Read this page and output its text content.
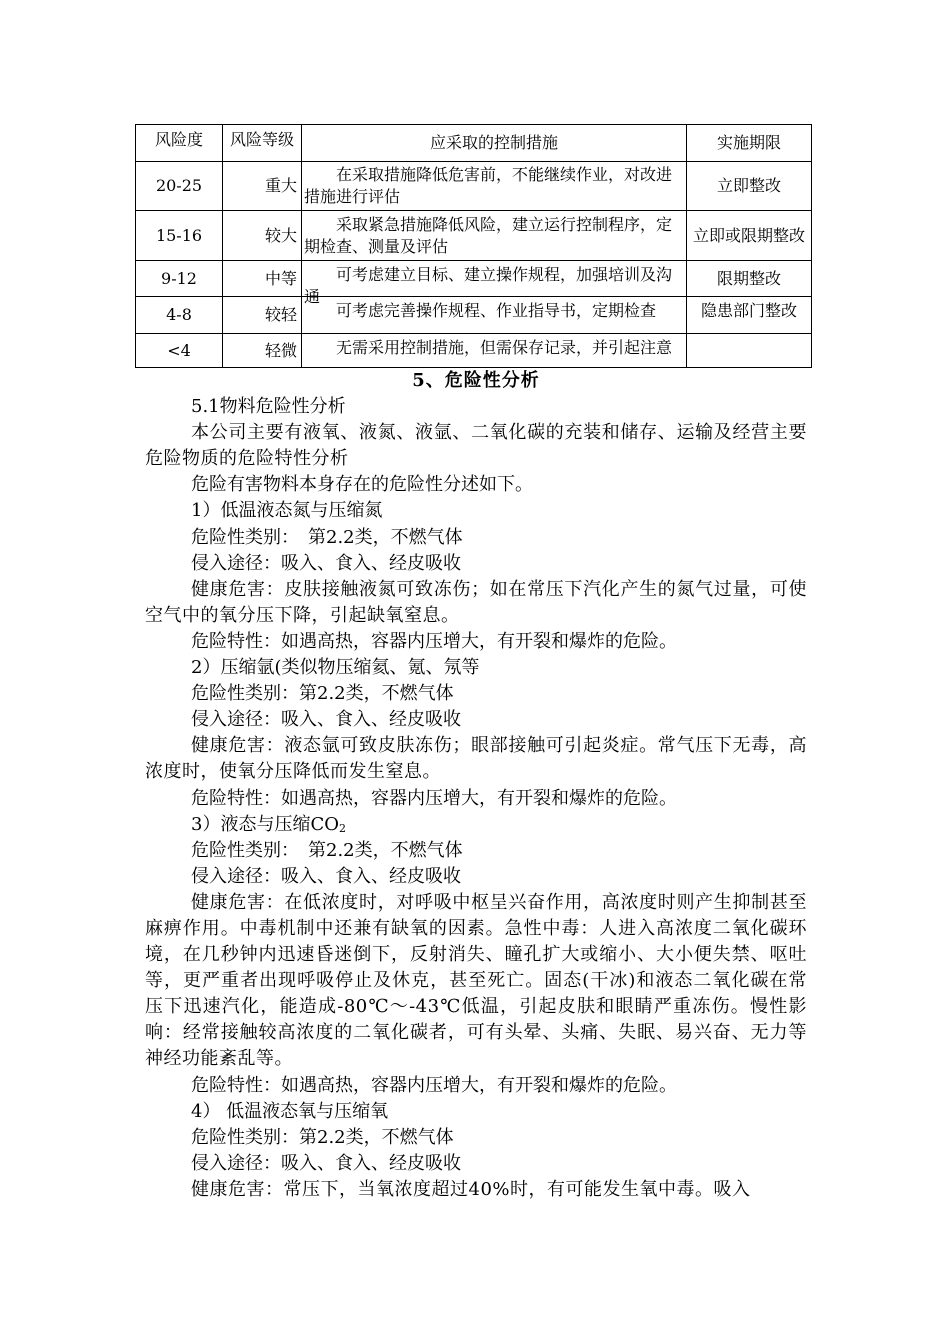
风险度	风险等级	应采取的控制措施	实施期限
20-25	重大	在采取措施降低危害前，不能继续作业，对改进措施进行评估	立即整改
15-16	较大	采取紧急措施降低风险，建立运行控制程序，定期检查、测量及评估	立即或限期整改
9-12	中等	可考虑建立目标、建立操作规程，加强培训及沟通	限期整改
4-8	较轻	可考虑完善操作规程、作业指导书，定期检查	隐患部门整改

<4	轻微	无需采用控制措施，但需保存记录，并引起注意	

5、危险性分析

5.1物料危险性分析

本公司主要有液氧、液氮、液氩、二氧化碳的充装和储存、运输及经营主要危险物质的危险特性分析

危险有害物料本身存在的危险性分述如下。

1）低温液态氮与压缩氮

危险性类别：　第2.2类，不燃气体

侵入途径：吸入、食入、经皮吸收

健康危害：皮肤接触液氮可致冻伤；如在常压下汽化产生的氮气过量，可使空气中的氧分压下降，引起缺氧窒息。

危险特性：如遇高热，容器内压增大，有开裂和爆炸的危险。

2）压缩氩(类似物压缩氦、氪、氖等

危险性类别：第2.2类，不燃气体

侵入途径：吸入、食入、经皮吸收

健康危害：液态氩可致皮肤冻伤；眼部接触可引起炎症。常气压下无毒，高浓度时，使氧分压降低而发生窒息。

危险特性：如遇高热，容器内压增大，有开裂和爆炸的危险。

3）液态与压缩$CO_2$

危险性类别：　第2.2类，不燃气体

侵入途径：吸入、食入、经皮吸收

健康危害：在低浓度时，对呼吸中枢呈兴奋作用，高浓度时则产生抑制甚至麻痹作用。中毒机制中还兼有缺氧的因素。急性中毒：人进入高浓度二氧化碳环境，在几秒钟内迅速昏迷倒下，反射消失、瞳孔扩大或缩小、大小便失禁、呕吐等，更严重者出现呼吸停止及休克，甚至死亡。固态(干冰)和液态二氧化碳在常压下迅速汽化，能造成-80℃～-43℃低温，引起皮肤和眼睛严重冻伤。慢性影响：经常接触较高浓度的二氧化碳者，可有头晕、头痛、失眠、易兴奋、无力等神经功能紊乱等。

危险特性：如遇高热，容器内压增大，有开裂和爆炸的危险。

4） 低温液态氧与压缩氧

危险性类别：第2.2类，不燃气体

侵入途径：吸入、食入、经皮吸收

健康危害：常压下，当氧浓度超过40%时，有可能发生氧中毒。吸入
